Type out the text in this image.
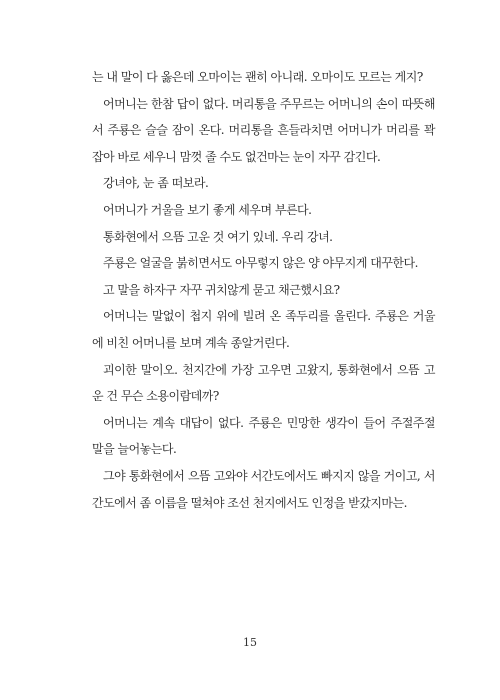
는 내 말이 다 옳은데 오마이는 괜히 아니래. 오마이도 모르는 게지?

어머니는 한참 답이 없다. 머리통을 주무르는 어머니의 손이 따뜻해서 주룡은 슬슬 잠이 온다. 머리통을 흔들라치면 어머니가 머리를 꽉 잡아 바로 세우니 맘껏 졸 수도 없건마는 눈이 자꾸 감긴다.

강녀야, 눈 좀 떠보라.

어머니가 거울을 보기 좋게 세우며 부른다.

통화현에서 으뜸 고운 것 여기 있네. 우리 강녀.

주룡은 얼굴을 붉히면서도 아무렇지 않은 양 야무지게 대꾸한다.

고 말을 하자구 자꾸 귀치않게 묻고 채근했시요?

어머니는 말없이 첩지 위에 빌려 온 족두리를 올린다. 주룡은 거울에 비친 어머니를 보며 계속 종알거린다.

괴이한 말이오. 천지간에 가장 고우면 고왔지, 통화현에서 으뜸 고운 건 무슨 소용이람데까?

어머니는 계속 대답이 없다. 주룡은 민망한 생각이 들어 주절주절 말을 늘어놓는다.

그야 통화현에서 으뜸 고와야 서간도에서도 빠지지 않을 거이고, 서간도에서 좀 이름을 떨쳐야 조선 천지에서도 인정을 받갔지마는.

15
